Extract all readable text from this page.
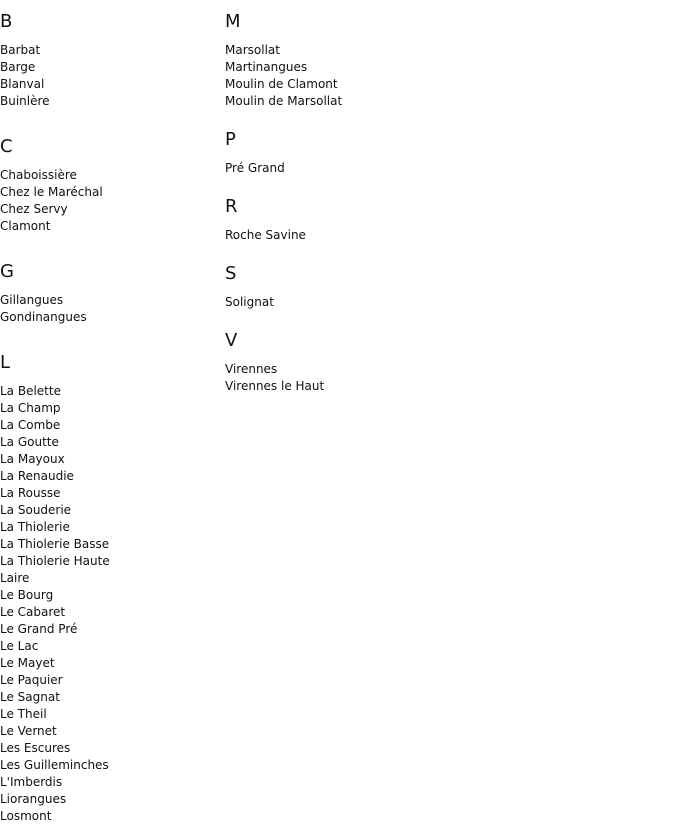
B
Barbat
Barge
Blanval
Buinlère
C
Chaboissière
Chez le Maréchal
Chez Servy
Clamont
G
Gillangues
Gondinangues
L
La Belette
La Champ
La Combe
La Goutte
La Mayoux
La Renaudie
La Rousse
La Souderie
La Thiolerie
La Thiolerie Basse
La Thiolerie Haute
Laire
Le Bourg
Le Cabaret
Le Grand Pré
Le Lac
Le Mayet
Le Paquier
Le Sagnat
Le Theil
Le Vernet
Les Escures
Les Guilleminches
L'Imberdis
Liorangues
Losmont
M
Marsollat
Martinangues
Moulin de Clamont
Moulin de Marsollat
P
Pré Grand
R
Roche Savine
S
Solignat
V
Virennes
Virennes le Haut
